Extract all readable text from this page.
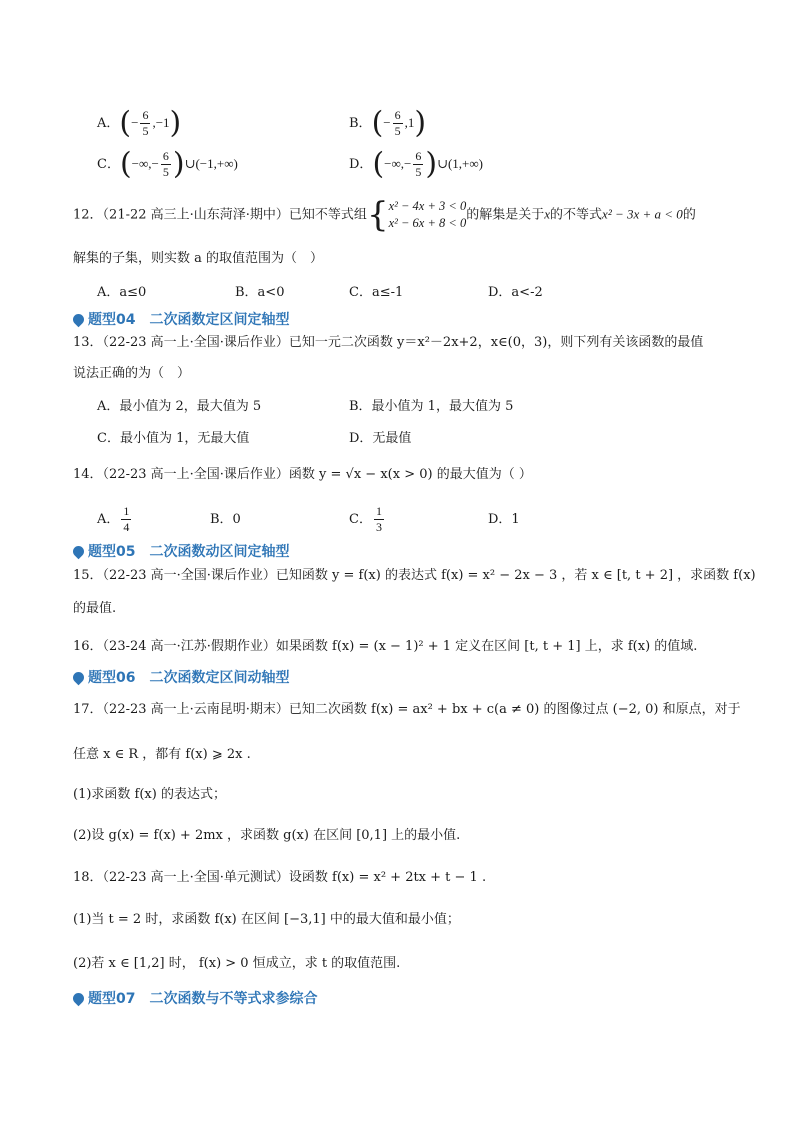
A．(− $\frac{6}{5} ,-1$)	B．(− $\frac{6}{5} ,1$)
C．(−∞,− $\frac{6}{5}$ )∪(−1,+∞)	D．(−∞,− $\frac{6}{5}$ )∪(1,+∞)
12．（21-22 高三上·山东菏泽·期中）已知不等式组{ x² − 4x + 3 < 0
x² − 6x + 8 < 0
的解集是关于x的不等式x² − 3x + a < 0的
解集的子集，则实数 a 的取值范围为（　）
A．a≤0	B．a<0	C．a≤-1	D．a<-2
题型04 二次函数定区间定轴型
13．（22-23 高一上·全国·课后作业）已知一元二次函数 y＝x²－2x+2，x∈(0，3)，则下列有关该函数的最值
说法正确的为（　）
A．最小值为 2，最大值为 5	B．最小值为 1，最大值为 5
C．最小值为 1，无最大值	D．无最值
14．（22-23 高一上·全国·课后作业）函数 y = √x − x(x > 0) 的最大值为（ ）
A． $\frac{1}{4}$	B．0	C． $\frac{1}{3}$	D．1
题型05 二次函数动区间定轴型
15．（22-23 高一·全国·课后作业）已知函数 y = f(x) 的表达式 f(x) = x² − 2x − 3 ，若 x ∈ [t, t + 2] ，求函数 f(x)
的最值.
16．（23-24 高一·江苏·假期作业）如果函数 f(x) = (x − 1)² + 1 定义在区间 [t, t + 1] 上，求 f(x) 的值域.
题型06 二次函数定区间动轴型
17．（22-23 高一上·云南昆明·期末）已知二次函数 f(x) = ax² + bx + c(a ≠ 0) 的图像过点 (−2, 0) 和原点，对于
任意 x ∈ R ，都有 f(x) ⩾ 2x .
(1)求函数 f(x) 的表达式；
(2)设 g(x) = f(x) + 2mx ，求函数 g(x) 在区间 [0,1] 上的最小值.
18．（22-23 高一上·全国·单元测试）设函数 f(x) = x² + 2tx + t − 1 .
(1)当 t = 2 时，求函数 f(x) 在区间 [−3,1] 中的最大值和最小值；
(2)若 x ∈ [1,2] 时， f(x) > 0 恒成立，求 t 的取值范围.
题型07 二次函数与不等式求参综合
